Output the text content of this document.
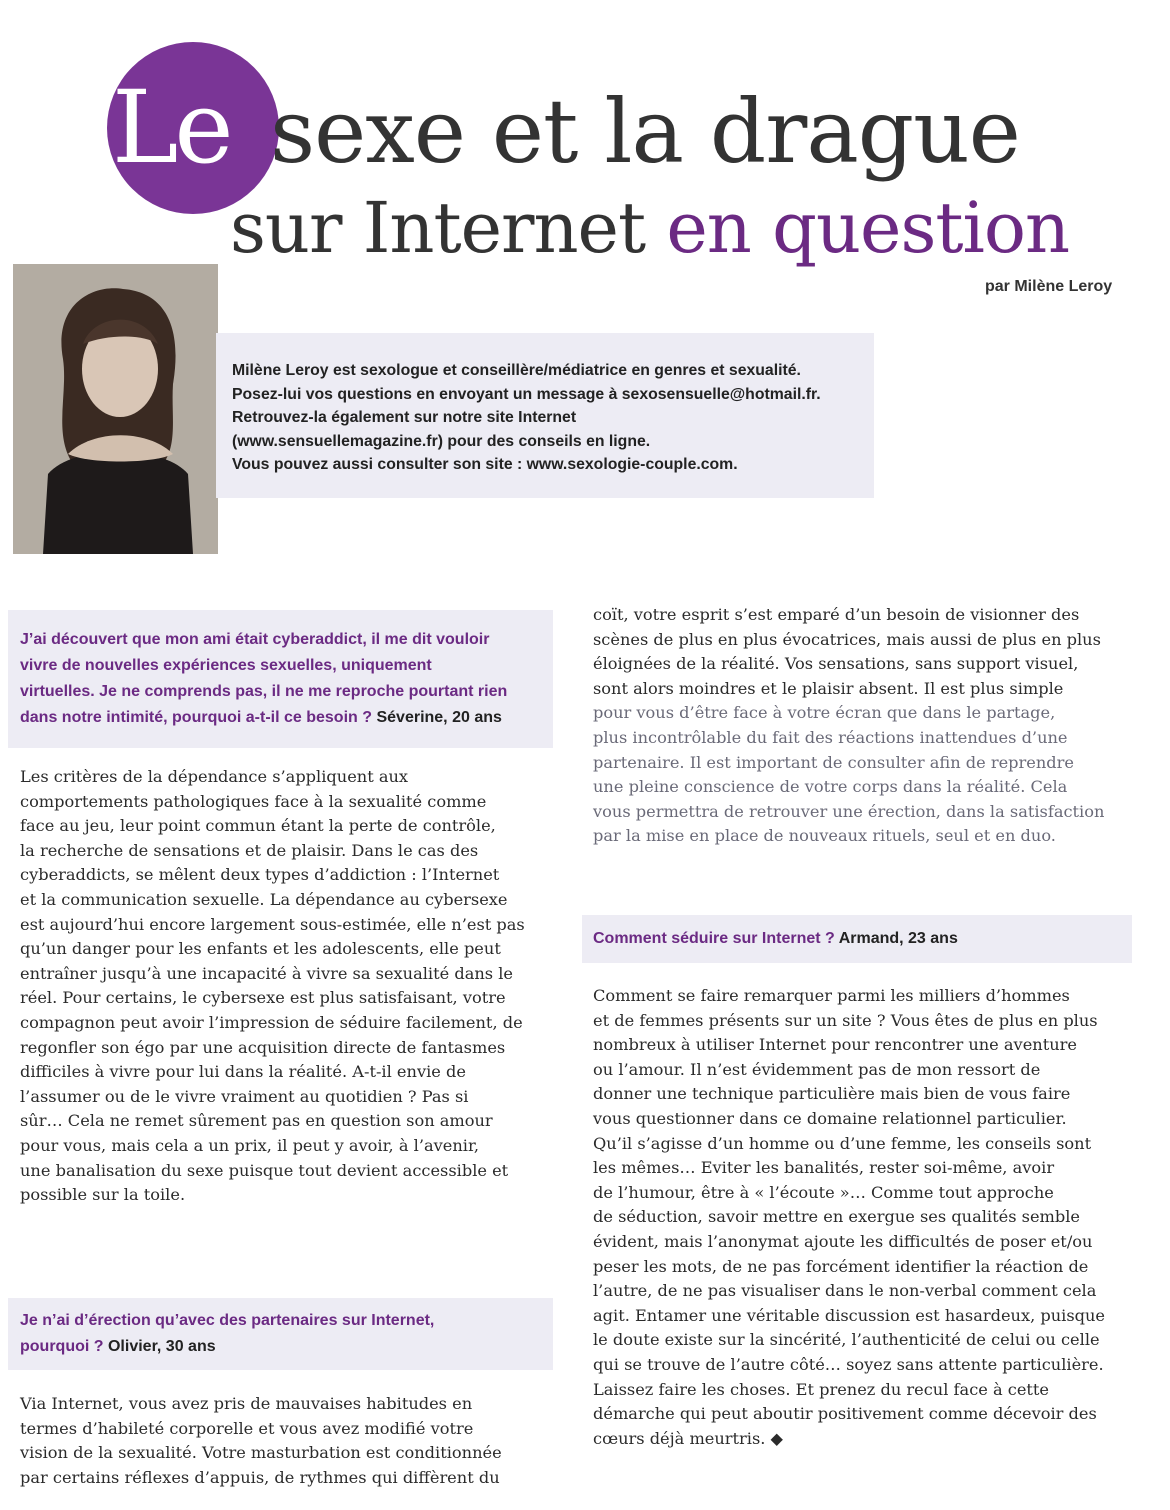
Le sexe et la drague
sur Internet en question
par Milène Leroy
Milène Leroy est sexologue et conseillère/médiatrice en genres et sexualité.
Posez-lui vos questions en envoyant un message à sexosensuelle@hotmail.fr.
Retrouvez-la également sur notre site Internet
(www.sensuellemagazine.fr) pour des conseils en ligne.
Vous pouvez aussi consulter son site : www.sexologie-couple.com.
J’ai découvert que mon ami était cyberaddict, il me dit vouloir
vivre de nouvelles expériences sexuelles, uniquement
virtuelles. Je ne comprends pas, il ne me reproche pourtant rien
dans notre intimité, pourquoi a-t-il ce besoin ? Séverine, 20 ans
Les critères de la dépendance s’appliquent aux
comportements pathologiques face à la sexualité comme
face au jeu, leur point commun étant la perte de contrôle,
la recherche de sensations et de plaisir. Dans le cas des
cyberaddicts, se mêlent deux types d’addiction : l’Internet
et la communication sexuelle. La dépendance au cybersexe
est aujourd’hui encore largement sous-estimée, elle n’est pas
qu’un danger pour les enfants et les adolescents, elle peut
entraîner jusqu’à une incapacité à vivre sa sexualité dans le
réel. Pour certains, le cybersexe est plus satisfaisant, votre
compagnon peut avoir l’impression de séduire facilement, de
regonfler son égo par une acquisition directe de fantasmes
difficiles à vivre pour lui dans la réalité. A-t-il envie de
l’assumer ou de le vivre vraiment au quotidien ? Pas si
sûr… Cela ne remet sûrement pas en question son amour
pour vous, mais cela a un prix, il peut y avoir, à l’avenir,
une banalisation du sexe puisque tout devient accessible et
possible sur la toile.
Je n’ai d’érection qu’avec des partenaires sur Internet,
pourquoi ? Olivier, 30 ans
Via Internet, vous avez pris de mauvaises habitudes en
termes d’habileté corporelle et vous avez modifié votre
vision de la sexualité. Votre masturbation est conditionnée
par certains réflexes d’appuis, de rythmes qui diffèrent du
coït, votre esprit s’est emparé d’un besoin de visionner des
scènes de plus en plus évocatrices, mais aussi de plus en plus
éloignées de la réalité. Vos sensations, sans support visuel,
sont alors moindres et le plaisir absent. Il est plus simple
pour vous d’être face à votre écran que dans le partage,
plus incontrôlable du fait des réactions inattendues d’une
partenaire. Il est important de consulter afin de reprendre
une pleine conscience de votre corps dans la réalité. Cela
vous permettra de retrouver une érection, dans la satisfaction
par la mise en place de nouveaux rituels, seul et en duo.
Comment séduire sur Internet ? Armand, 23 ans
Comment se faire remarquer parmi les milliers d’hommes
et de femmes présents sur un site ? Vous êtes de plus en plus
nombreux à utiliser Internet pour rencontrer une aventure
ou l’amour. Il n’est évidemment pas de mon ressort de
donner une technique particulière mais bien de vous faire
vous questionner dans ce domaine relationnel particulier.
Qu’il s’agisse d’un homme ou d’une femme, les conseils sont
les mêmes… Eviter les banalités, rester soi-même, avoir
de l’humour, être à « l’écoute »… Comme tout approche
de séduction, savoir mettre en exergue ses qualités semble
évident, mais l’anonymat ajoute les difficultés de poser et/ou
peser les mots, de ne pas forcément identifier la réaction de
l’autre, de ne pas visualiser dans le non-verbal comment cela
agit. Entamer une véritable discussion est hasardeux, puisque
le doute existe sur la sincérité, l’authenticité de celui ou celle
qui se trouve de l’autre côté… soyez sans attente particulière.
Laissez faire les choses. Et prenez du recul face à cette
démarche qui peut aboutir positivement comme décevoir des
cœurs déjà meurtris. ◆
